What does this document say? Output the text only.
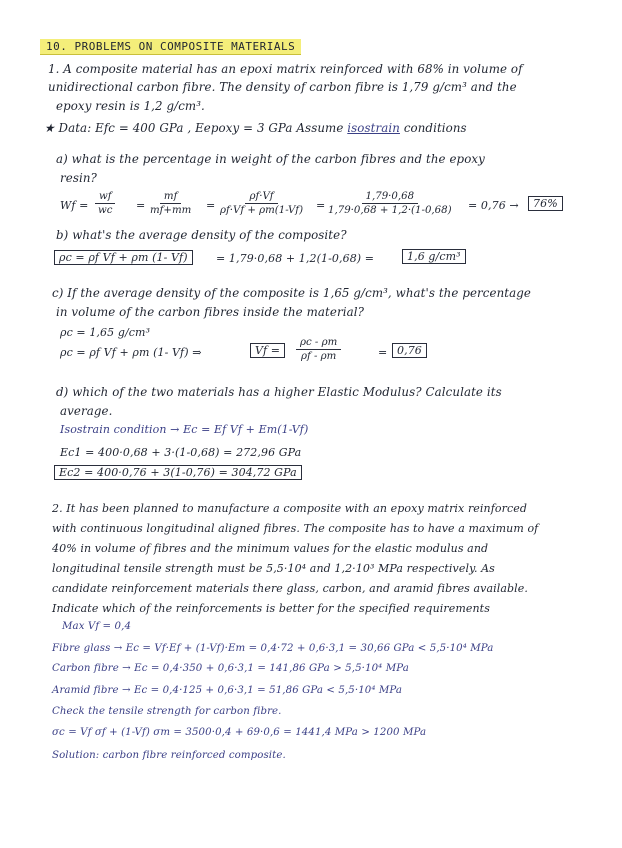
10. PROBLEMS ON COMPOSITE MATERIALS
1. A composite material has an epoxi matrix reinforced with 68% in volume of
unidirectional carbon fibre. The density of carbon fibre is 1,79 g/cm³ and the
epoxy resin is 1,2 g/cm³.
★ Data: Efc = 400 GPa , Eepoxy = 3 GPa Assume isostrain conditions
a) what is the percentage in weight of the carbon fibres and the epoxy
resin?
$Wf = \frac{wf}{wc} = \frac{mf}{mf+mm} = \frac{\rho f\cdot Vf}{\rho f\cdot Vf + \rho m(1-Vf)}$ =
$\frac{1,79\cdot 0,68}{1,79\cdot 0,68 + 1,2\cdot(1-0,68)} = 0,76$ →	76%
b) what's the average density of the composite?
ρc = ρf Vf + ρm (1- Vf)	= 1,79·0,68 + 1,2(1-0,68) =	1,6 g/cm³
c) If the average density of the composite is 1,65 g/cm³, what's the percentage
in volume of the carbon fibres inside the material?
ρc = 1,65 g/cm³
ρc = ρf Vf + ρm (1- Vf) ⇒	Vf =	$\frac{\rho c - \rho m}{\rho f - \rho m}$	= 0,76
d) which of the two materials has a higher Elastic Modulus? Calculate its
average.
Isostrain condition → Ec = Ef Vf + Em(1-Vf)
Ec1 = 400·0,68 + 3·(1-0,68) = 272,96 GPa
Ec2 = 400·0,76 + 3(1-0,76) = 304,72 GPa
2. It has been planned to manufacture a composite with an epoxy matrix reinforced
with continuous longitudinal aligned fibres. The composite has to have a maximum of
40% in volume of fibres and the minimum values for the elastic modulus and
longitudinal tensile strength must be 5,5·10⁴ and 1,2·10³ MPa respectively. As
candidate reinforcement materials there glass, carbon, and aramid fibres available.
Indicate which of the reinforcements is better for the specified requirements
Max Vf = 0,4
Fibre glass → Ec = Vf·Ef + (1-Vf)·Em = 0,4·72 + 0,6·3,1 = 30,66 GPa < 5,5·10⁴ MPa
Carbon fibre → Ec = 0,4·350 + 0,6·3,1 = 141,86 GPa > 5,5·10⁴ MPa
Aramid fibre → Ec = 0,4·125 + 0,6·3,1 = 51,86 GPa < 5,5·10⁴ MPa
Check the tensile strength for carbon fibre.
σc = Vf σf + (1-Vf) σm = 3500·0,4 + 69·0,6 = 1441,4 MPa > 1200 MPa
Solution: carbon fibre reinforced composite.
